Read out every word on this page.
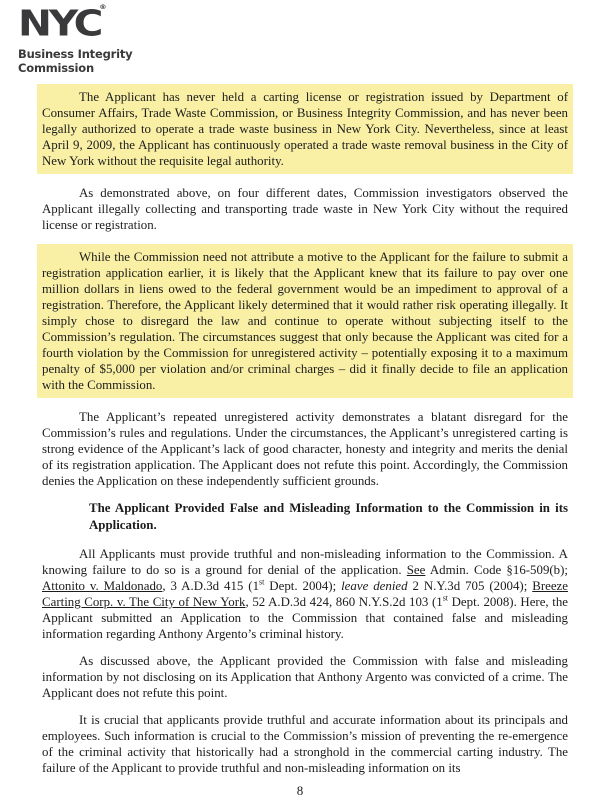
NYC
®
Business Integrity
Commission

The Applicant has never held a carting license or registration issued by Department of Consumer Affairs, Trade Waste Commission, or Business Integrity Commission, and has never been legally authorized to operate a trade waste business in New York City. Nevertheless, since at least April 9, 2009, the Applicant has continuously operated a trade waste removal business in the City of New York without the requisite legal authority.

As demonstrated above, on four different dates, Commission investigators observed the Applicant illegally collecting and transporting trade waste in New York City without the required license or registration.

While the Commission need not attribute a motive to the Applicant for the failure to submit a registration application earlier, it is likely that the Applicant knew that its failure to pay over one million dollars in liens owed to the federal government would be an impediment to approval of a registration. Therefore, the Applicant likely determined that it would rather risk operating illegally. It simply chose to disregard the law and continue to operate without subjecting itself to the Commission’s regulation. The circumstances suggest that only because the Applicant was cited for a fourth violation by the Commission for unregistered activity – potentially exposing it to a maximum penalty of $5,000 per violation and/or criminal charges – did it finally decide to file an application with the Commission.

The Applicant’s repeated unregistered activity demonstrates a blatant disregard for the Commission’s rules and regulations. Under the circumstances, the Applicant’s unregistered carting is strong evidence of the Applicant’s lack of good character, honesty and integrity and merits the denial of its registration application. The Applicant does not refute this point. Accordingly, the Commission denies the Application on these independently sufficient grounds.

The Applicant Provided False and Misleading Information to the Commission in its Application.

All Applicants must provide truthful and non-misleading information to the Commission. A knowing failure to do so is a ground for denial of the application. See Admin. Code §16-509(b); Attonito v. Maldonado, 3 A.D.3d 415 (1st Dept. 2004); leave denied 2 N.Y.3d 705 (2004); Breeze Carting Corp. v. The City of New York, 52 A.D.3d 424, 860 N.Y.S.2d 103 (1st Dept. 2008). Here, the Applicant submitted an Application to the Commission that contained false and misleading information regarding Anthony Argento’s criminal history.

As discussed above, the Applicant provided the Commission with false and misleading information by not disclosing on its Application that Anthony Argento was convicted of a crime. The Applicant does not refute this point.

It is crucial that applicants provide truthful and accurate information about its principals and employees. Such information is crucial to the Commission’s mission of preventing the re-emergence of the criminal activity that historically had a stronghold in the commercial carting industry. The failure of the Applicant to provide truthful and non-misleading information on its

8
